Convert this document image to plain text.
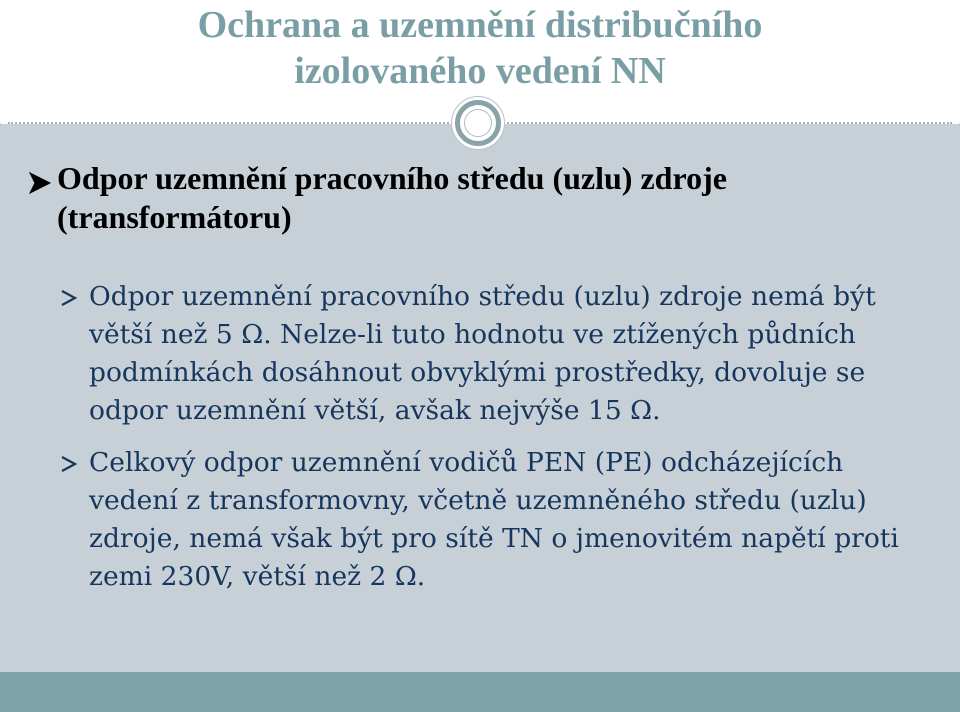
Ochrana a uzemnění distribučního
izolovaného vedení NN
Odpor uzemnění pracovního středu (uzlu) zdroje (transformátoru)
Odpor uzemnění pracovního středu (uzlu) zdroje nemá být větší než 5 Ω. Nelze-li tuto hodnotu ve ztížených půdních podmínkách dosáhnout obvyklými prostředky, dovoluje se odpor uzemnění větší, avšak nejvýše 15 Ω.
Celkový odpor uzemnění vodičů PEN (PE) odcházejících vedení z transformovny, včetně uzemněného středu (uzlu) zdroje, nemá však být pro sítě TN o jmenovitém napětí proti zemi 230V, větší než 2 Ω.
